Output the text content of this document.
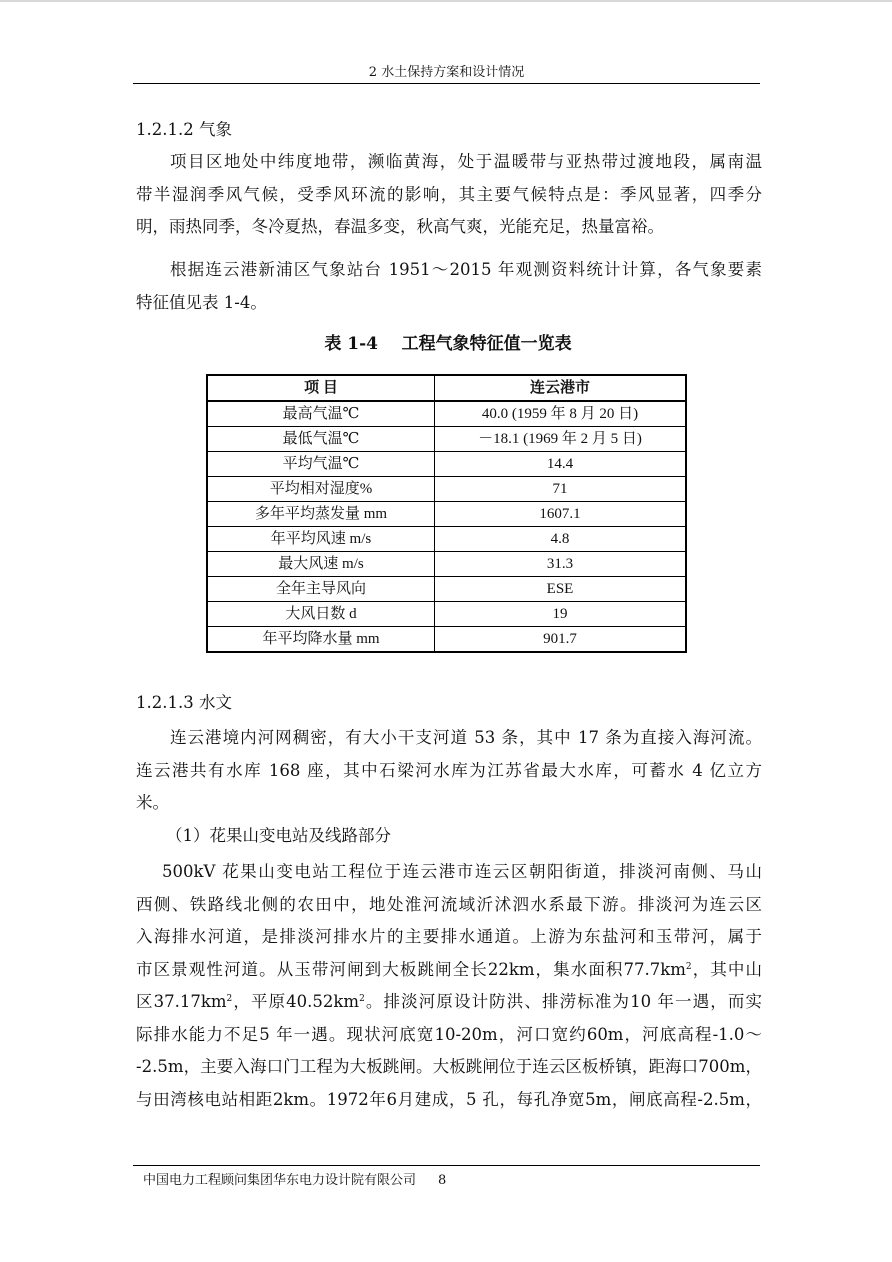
2 水土保持方案和设计情况
1.2.1.2 气象

项目区地处中纬度地带，濒临黄海，处于温暖带与亚热带过渡地段，属南温

带半湿润季风气候，受季风环流的影响，其主要气候特点是：季风显著，四季分

明，雨热同季，冬冷夏热，春温多变，秋高气爽，光能充足，热量富裕。

根据连云港新浦区气象站台 1951～2015 年观测资料统计计算，各气象要素

特征值见表 1-4。

表 1-4    工程气象特征值一览表
项 目	连云港市
最高气温℃	40.0 (1959 年 8 月 20 日)
最低气温℃	－18.1 (1969 年 2 月 5 日)
平均气温℃	14.4
平均相对湿度%	71
多年平均蒸发量 mm	1607.1
年平均风速 m/s	4.8
最大风速 m/s	31.3
全年主导风向	ESE
大风日数 d	19
年平均降水量 mm	901.7
1.2.1.3 水文

连云港境内河网稠密，有大小干支河道 53 条，其中 17 条为直接入海河流。

连云港共有水库 168 座，其中石梁河水库为江苏省最大水库，可蓄水 4 亿立方

米。

（1）花果山变电站及线路部分

500kV 花果山变电站工程位于连云港市连云区朝阳街道，排淡河南侧、马山

西侧、铁路线北侧的农田中，地处淮河流域沂沭泗水系最下游。排淡河为连云区

入海排水河道，是排淡河排水片的主要排水通道。上游为东盐河和玉带河，属于

市区景观性河道。从玉带河闸到大板跳闸全长22km，集水面积$77.7km^2$，其中山

区$37.17km^2$，平原$40.52km^2$。排淡河原设计防洪、排涝标准为10 年一遇，而实

际排水能力不足5 年一遇。现状河底宽10-20m，河口宽约60m，河底高程-1.0～

-2.5m，主要入海口门工程为大板跳闸。大板跳闸位于连云区板桥镇，距海口700m，

与田湾核电站相距2km。1972年6月建成，5 孔，每孔净宽5m，闸底高程-2.5m，

中国电力工程顾问集团华东电力设计院有限公司 8
